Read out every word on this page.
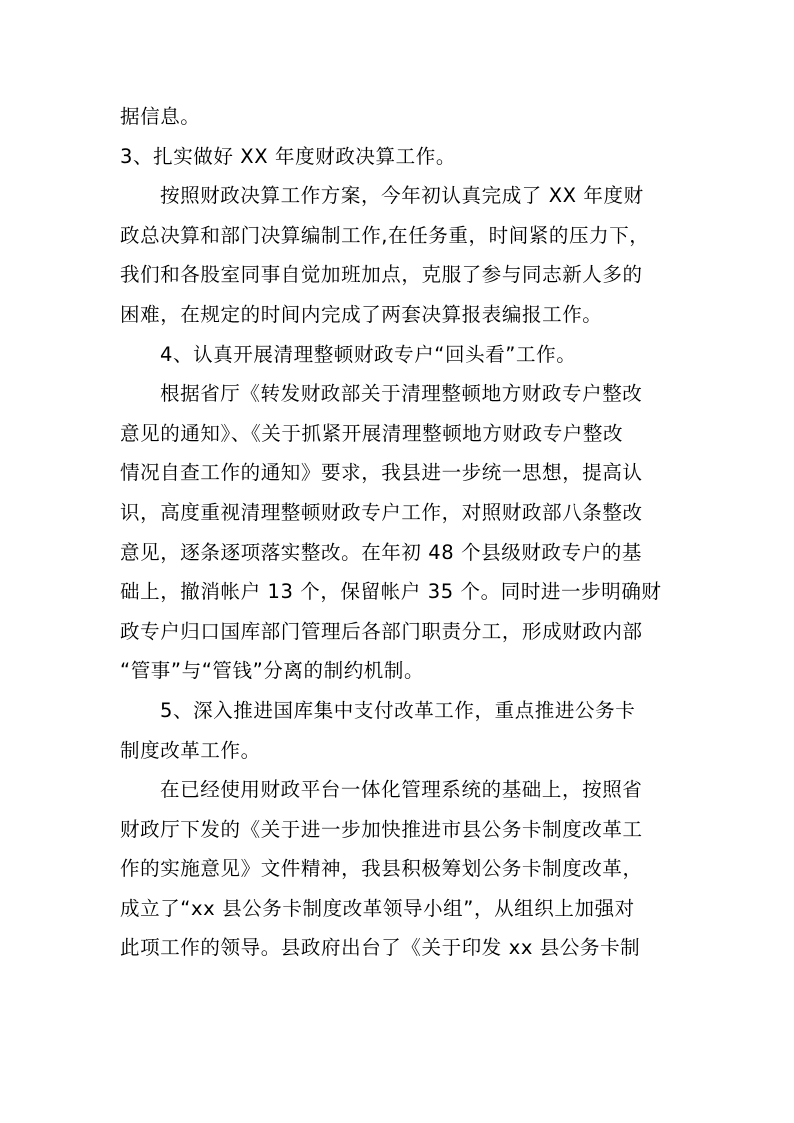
据信息。
3、扎实做好 XX 年度财政决算工作。
按照财政决算工作方案，今年初认真完成了 XX 年度财
政总决算和部门决算编制工作,在任务重，时间紧的压力下，
我们和各股室同事自觉加班加点，克服了参与同志新人多的
困难，在规定的时间内完成了两套决算报表编报工作。
4、认真开展清理整顿财政专户“回头看”工作。
根据省厅《转发财政部关于清理整顿地方财政专户整改
意见的通知》、《关于抓紧开展清理整顿地方财政专户整改
情况自查工作的通知》要求，我县进一步统一思想，提高认
识，高度重视清理整顿财政专户工作，对照财政部八条整改
意见，逐条逐项落实整改。在年初 48 个县级财政专户的基
础上，撤消帐户 13 个，保留帐户 35 个。同时进一步明确财
政专户归口国库部门管理后各部门职责分工，形成财政内部
“管事”与“管钱”分离的制约机制。
5、深入推进国库集中支付改革工作，重点推进公务卡
制度改革工作。
在已经使用财政平台一体化管理系统的基础上，按照省
财政厅下发的《关于进一步加快推进市县公务卡制度改革工
作的实施意见》文件精神，我县积极筹划公务卡制度改革，
成立了“xx 县公务卡制度改革领导小组”，从组织上加强对
此项工作的领导。县政府出台了《关于印发 xx 县公务卡制
